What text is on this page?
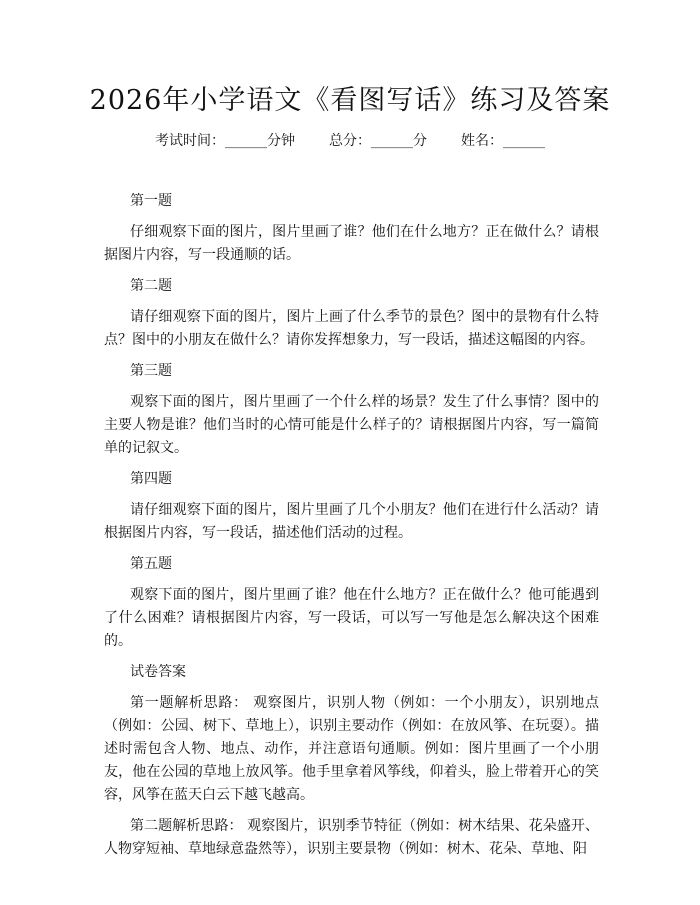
2026年小学语文《看图写话》练习及答案
考试时间：______分钟 总分：______分 姓名：______
第一题
仔细观察下面的图片，图片里画了谁？他们在什么地方？正在做什么？请根据图片内容，写一段通顺的话。
第二题
请仔细观察下面的图片，图片上画了什么季节的景色？图中的景物有什么特点？图中的小朋友在做什么？请你发挥想象力，写一段话，描述这幅图的内容。
第三题
观察下面的图片，图片里画了一个什么样的场景？发生了什么事情？图中的主要人物是谁？他们当时的心情可能是什么样子的？请根据图片内容，写一篇简单的记叙文。
第四题
请仔细观察下面的图片，图片里画了几个小朋友？他们在进行什么活动？请根据图片内容，写一段话，描述他们活动的过程。
第五题
观察下面的图片，图片里画了谁？他在什么地方？正在做什么？他可能遇到了什么困难？请根据图片内容，写一段话，可以写一写他是怎么解决这个困难的。
试卷答案
第一题解析思路： 观察图片，识别人物（例如：一个小朋友），识别地点（例如：公园、树下、草地上），识别主要动作（例如：在放风筝、在玩耍）。描述时需包含人物、地点、动作，并注意语句通顺。例如：图片里画了一个小朋友，他在公园的草地上放风筝。他手里拿着风筝线，仰着头，脸上带着开心的笑容，风筝在蓝天白云下越飞越高。
第二题解析思路： 观察图片，识别季节特征（例如：树木结果、花朵盛开、人物穿短袖、草地绿意盎然等），识别主要景物（例如：树木、花朵、草地、阳
